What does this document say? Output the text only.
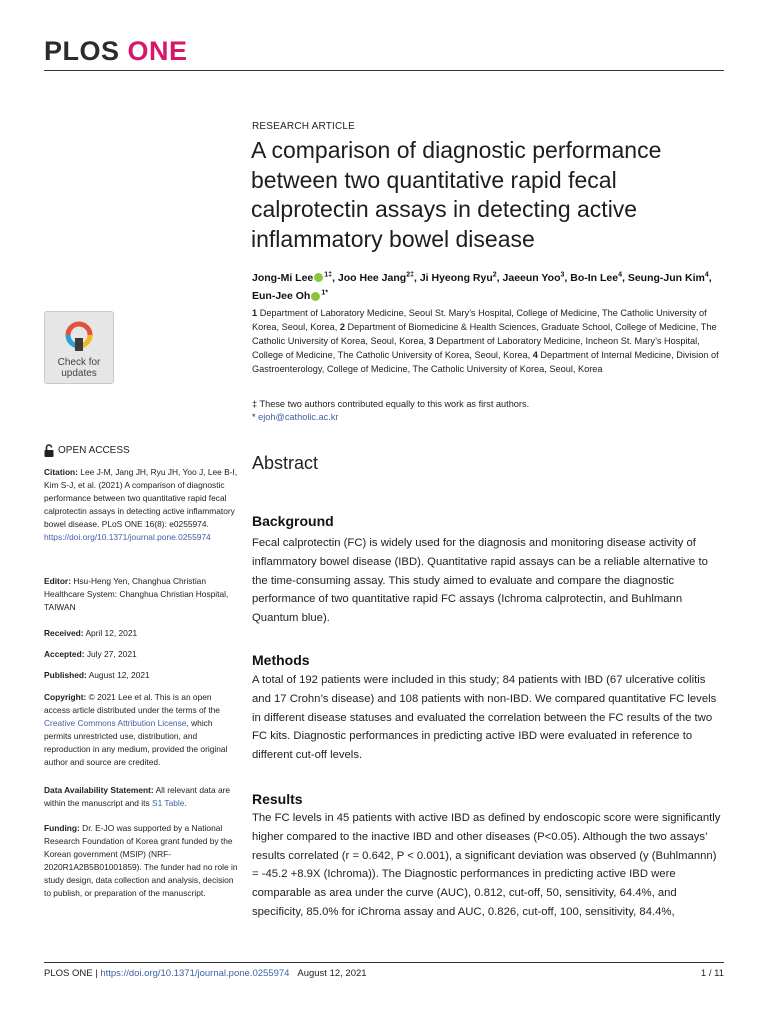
PLOS ONE
Check for
updates
OPEN ACCESS
Citation: Lee J-M, Jang JH, Ryu JH, Yoo J, Lee B-I, Kim S-J, et al. (2021) A comparison of diagnostic performance between two quantitative rapid fecal calprotectin assays in detecting active inflammatory bowel disease. PLoS ONE 16(8): e0255974. https://doi.org/10.1371/journal.pone.0255974
Editor: Hsu-Heng Yen, Changhua Christian Healthcare System: Changhua Christian Hospital, TAIWAN
Received: April 12, 2021
Accepted: July 27, 2021
Published: August 12, 2021
Copyright: © 2021 Lee et al. This is an open access article distributed under the terms of the Creative Commons Attribution License, which permits unrestricted use, distribution, and reproduction in any medium, provided the original author and source are credited.
Data Availability Statement: All relevant data are within the manuscript and its S1 Table.
Funding: Dr. E-JO was supported by a National Research Foundation of Korea grant funded by the Korean government (MSIP) (NRF-2020R1A2B5B01001859). The funder had no role in study design, data collection and analysis, decision to publish, or preparation of the manuscript.
RESEARCH ARTICLE
A comparison of diagnostic performance between two quantitative rapid fecal calprotectin assays in detecting active inflammatory bowel disease
Jong-Mi Lee $^{1\ddagger}$, Joo Hee Jang$^{2\ddagger}$, Ji Hyeong Ryu$^2$, Jaeeun Yoo$^3$, Bo-In Lee$^4$, Seung-Jun Kim$^4$, Eun-Jee Oh $^{1*}$
1 Department of Laboratory Medicine, Seoul St. Mary’s Hospital, College of Medicine, The Catholic University of Korea, Seoul, Korea, 2 Department of Biomedicine & Health Sciences, Graduate School, College of Medicine, The Catholic University of Korea, Seoul, Korea, 3 Department of Laboratory Medicine, Incheon St. Mary’s Hospital, College of Medicine, The Catholic University of Korea, Seoul, Korea, 4 Department of Internal Medicine, Division of Gastroenterology, College of Medicine, The Catholic University of Korea, Seoul, Korea
‡ These two authors contributed equally to this work as first authors.
* ejoh@catholic.ac.kr
Abstract
Background
Fecal calprotectin (FC) is widely used for the diagnosis and monitoring disease activity of inflammatory bowel disease (IBD). Quantitative rapid assays can be a reliable alternative to the time-consuming assay. This study aimed to evaluate and compare the diagnostic performance of two quantitative rapid FC assays (Ichroma calprotectin, and Buhlmann Quantum blue).
Methods
A total of 192 patients were included in this study; 84 patients with IBD (67 ulcerative colitis and 17 Crohn’s disease) and 108 patients with non-IBD. We compared quantitative FC levels in different disease statuses and evaluated the correlation between the FC results of the two FC kits. Diagnostic performances in predicting active IBD were evaluated in reference to different cut-off levels.
Results
The FC levels in 45 patients with active IBD as defined by endoscopic score were significantly higher compared to the inactive IBD and other diseases (P<0.05). Although the two assays’ results correlated (r = 0.642, P < 0.001), a significant deviation was observed (y (Buhlmannn) = -45.2 +8.9X (Ichroma)). The Diagnostic performances in predicting active IBD were comparable as area under the curve (AUC), 0.812, cut-off, 50, sensitivity, 64.4%, and specificity, 85.0% for iChroma assay and AUC, 0.826, cut-off, 100, sensitivity, 84.4%,
PLOS ONE | https://doi.org/10.1371/journal.pone.0255974 August 12, 2021	1 / 11
